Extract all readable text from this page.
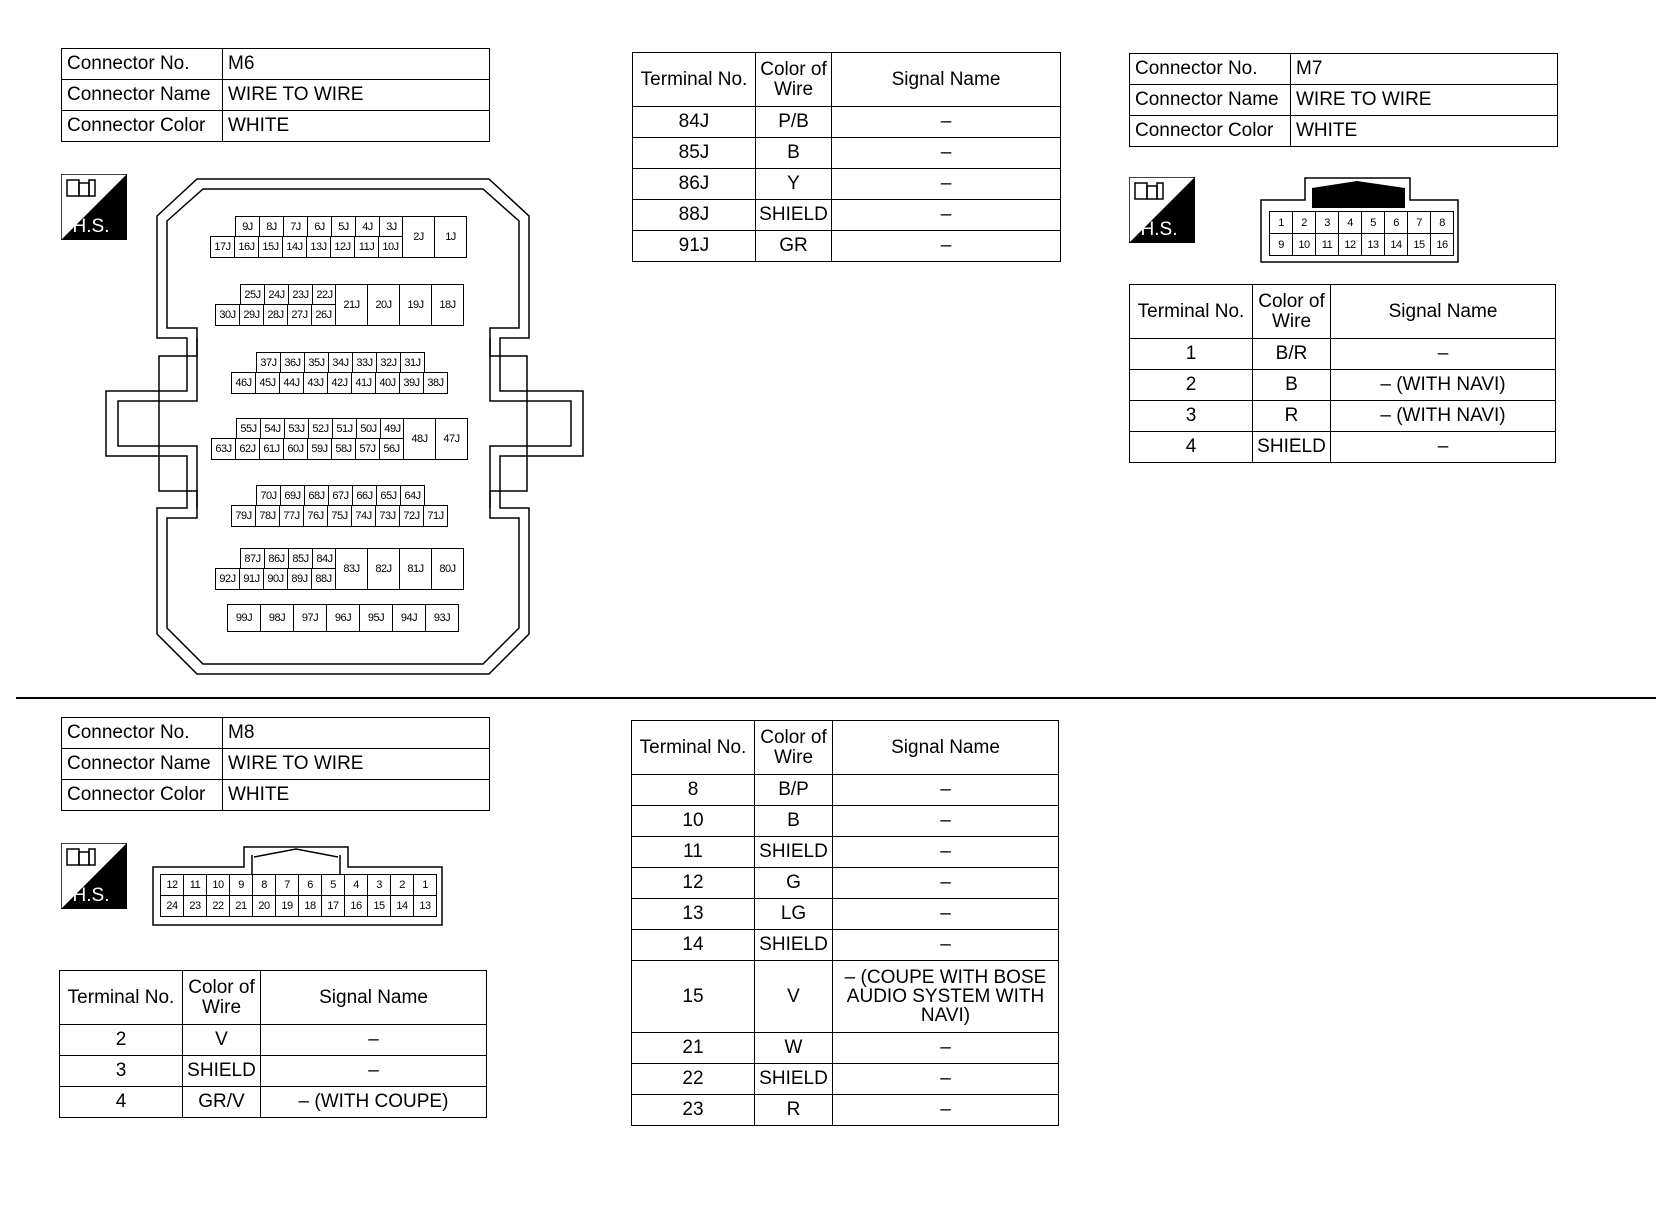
Connector No.	M6
Connector Name	WIRE TO WIRE
Connector Color	WHITE
H.S.	9J	8J	7J	6J	5J	4J	3J
17J 16J 15J 14J 13J 12J 11J 10J
2J	1J
25J 24J 23J 22J
30J 29J 28J 27J 26J
21J	20J	19J	18J
37J 36J 35J 34J 33J 32J 31J
46J 45J 44J 43J 42J 41J 40J 39J 38J
55J 54J 53J 52J 51J 50J 49J
63J 62J 61J 60J 59J 58J 57J 56J
48J	47J
70J 69J 68J 67J 66J 65J 64J
79J 78J 77J 76J 75J 74J 73J 72J 71J
87J 86J 85J 84J
92J 91J 90J 89J 88J
83J	82J	81J	80J
99J	98J	97J	96J	95J	94J	93J
Terminal No.	Color of Wire	Signal Name
84J	P/B	–
85J	B	–
86J	Y	–
88J	SHIELD	–
91J	GR	–
Connector No.	M7
Connector Name	WIRE TO WIRE
Connector Color	WHITE
H.S.	1	2	3	4	5	6	7	8
9	10	11	12	13	14	15	16
Terminal No.	Color of Wire	Signal Name
1	B/R	–
2	B	– (WITH NAVI)
3	R	– (WITH NAVI)
4	SHIELD	–
Connector No.	M8
Connector Name	WIRE TO WIRE
Connector Color	WHITE
H.S.	12	11	10	9	8	7	6	5	4	3	2	1
24	23	22	21	20	19	18	17	16	15	14	13
Terminal No.	Color of Wire	Signal Name
2	V	–
3	SHIELD	–
4	GR/V	– (WITH COUPE)
Terminal No.	Color of Wire	Signal Name
8	B/P	–
10	B	–
11	SHIELD	–
12	G	–
13	LG	–
14	SHIELD	–
15	V	– (COUPE WITH BOSE AUDIO SYSTEM WITH NAVI)
21	W	–
22	SHIELD	–
23	R	–
